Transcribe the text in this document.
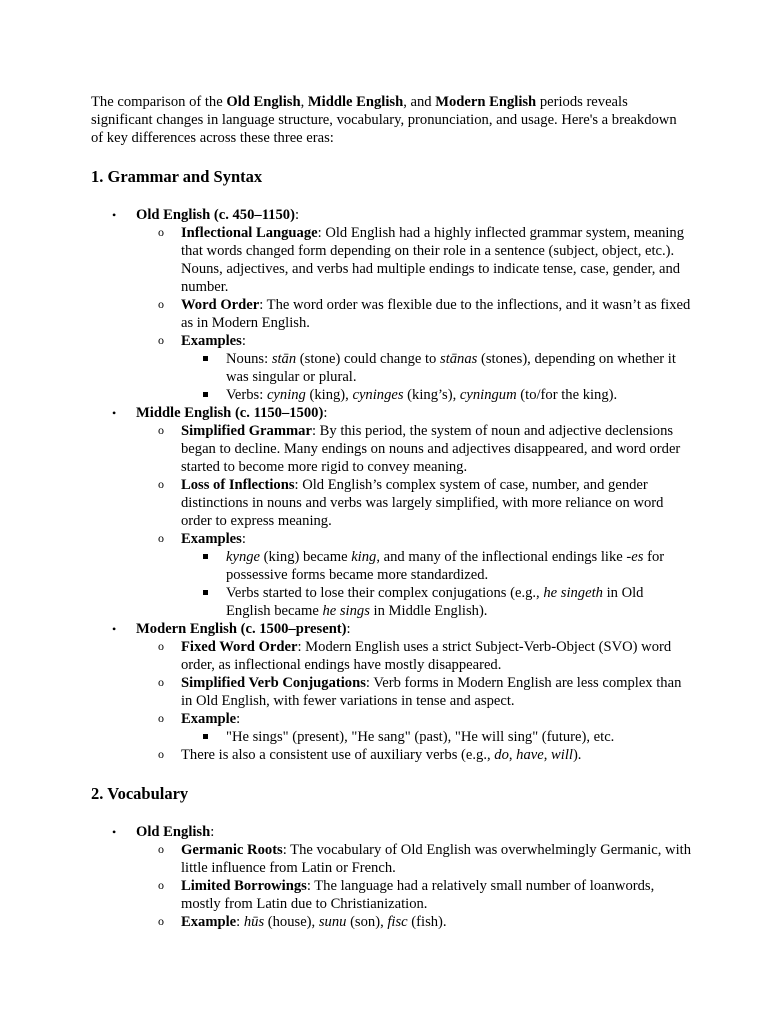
The comparison of the Old English, Middle English, and Modern English periods reveals significant changes in language structure, vocabulary, pronunciation, and usage. Here's a breakdown of key differences across these three eras:

1. Grammar and Syntax
• Old English (c. 450–1150):
o Inflectional Language: Old English had a highly inflected grammar system, meaning that words changed form depending on their role in a sentence (subject, object, etc.). Nouns, adjectives, and verbs had multiple endings to indicate tense, case, gender, and number.
o Word Order: The word order was flexible due to the inflections, and it wasn’t as fixed as in Modern English.
o Examples:
Nouns: stān (stone) could change to stānas (stones), depending on whether it was singular or plural.
Verbs: cyning (king), cyninges (king’s), cyningum (to/for the king).
• Middle English (c. 1150–1500):
o Simplified Grammar: By this period, the system of noun and adjective declensions began to decline. Many endings on nouns and adjectives disappeared, and word order started to become more rigid to convey meaning.
o Loss of Inflections: Old English’s complex system of case, number, and gender distinctions in nouns and verbs was largely simplified, with more reliance on word order to express meaning.
o Examples:
kynge (king) became king, and many of the inflectional endings like -es for possessive forms became more standardized.
Verbs started to lose their complex conjugations (e.g., he singeth in Old English became he sings in Middle English).
• Modern English (c. 1500–present):
o Fixed Word Order: Modern English uses a strict Subject-Verb-Object (SVO) word order, as inflectional endings have mostly disappeared.
o Simplified Verb Conjugations: Verb forms in Modern English are less complex than in Old English, with fewer variations in tense and aspect.
o Example:
"He sings" (present), "He sang" (past), "He will sing" (future), etc.
o There is also a consistent use of auxiliary verbs (e.g., do, have, will).
2. Vocabulary
• Old English:
o Germanic Roots: The vocabulary of Old English was overwhelmingly Germanic, with little influence from Latin or French.
o Limited Borrowings: The language had a relatively small number of loanwords, mostly from Latin due to Christianization.
o Example: hūs (house), sunu (son), fisc (fish).
